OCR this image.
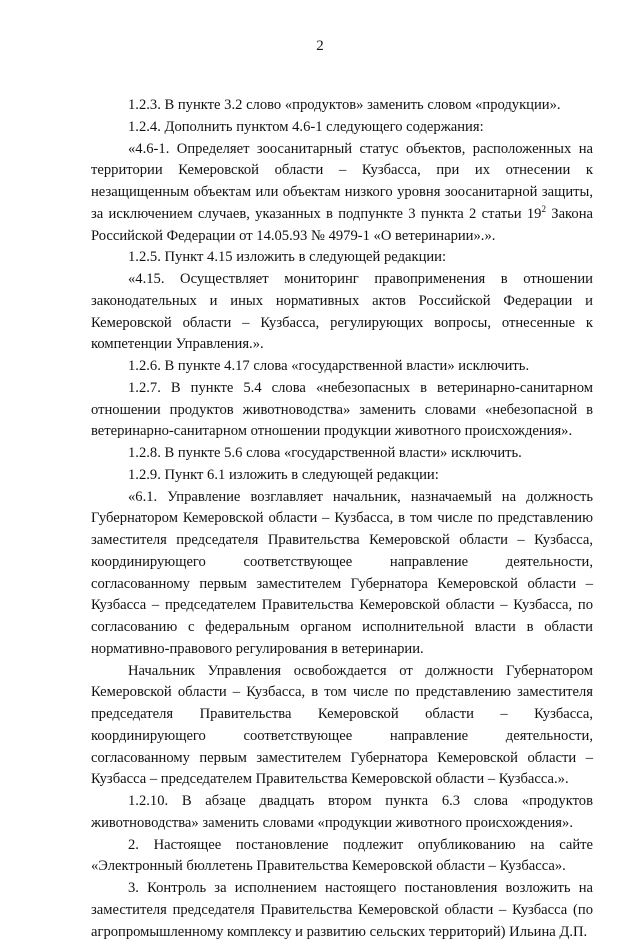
2

1.2.3. В пункте 3.2 слово «продуктов» заменить словом «продукции».

1.2.4. Дополнить пунктом 4.6-1 следующего содержания:

«4.6-1. Определяет зоосанитарный статус объектов, расположенных на территории Кемеровской области – Кузбасса, при их отнесении к незащищенным объектам или объектам низкого уровня зоосанитарной защиты, за исключением случаев, указанных в подпункте 3 пункта 2 статьи $19^2$ Закона Российской Федерации от 14.05.93 № 4979-1 «О ветеринарии».».

1.2.5. Пункт 4.15 изложить в следующей редакции:

«4.15. Осуществляет мониторинг правоприменения в отношении законодательных и иных нормативных актов Российской Федерации и Кемеровской области – Кузбасса, регулирующих вопросы, отнесенные к компетенции Управления.».

1.2.6. В пункте 4.17 слова «государственной власти» исключить.

1.2.7. В пункте 5.4 слова «небезопасных в ветеринарно-санитарном отношении продуктов животноводства» заменить словами «небезопасной в ветеринарно-санитарном отношении продукции животного происхождения».

1.2.8. В пункте 5.6 слова «государственной власти» исключить.

1.2.9. Пункт 6.1 изложить в следующей редакции:

«6.1. Управление возглавляет начальник, назначаемый на должность Губернатором Кемеровской области – Кузбасса, в том числе по представлению заместителя председателя Правительства Кемеровской области – Кузбасса, координирующего соответствующее направление деятельности, согласованному первым заместителем Губернатора Кемеровской области – Кузбасса – председателем Правительства Кемеровской области – Кузбасса, по согласованию с федеральным органом исполнительной власти в области нормативно-правового регулирования в ветеринарии.

Начальник Управления освобождается от должности Губернатором Кемеровской области – Кузбасса, в том числе по представлению заместителя председателя Правительства Кемеровской области – Кузбасса, координирующего соответствующее направление деятельности, согласованному первым заместителем Губернатора Кемеровской области – Кузбасса – председателем Правительства Кемеровской области – Кузбасса.».

1.2.10. В абзаце двадцать втором пункта 6.3 слова «продуктов животноводства» заменить словами «продукции животного происхождения».

2. Настоящее постановление подлежит опубликованию на сайте «Электронный бюллетень Правительства Кемеровской области – Кузбасса».

3. Контроль за исполнением настоящего постановления возложить на заместителя председателя Правительства Кемеровской области – Кузбасса (по агропромышленному комплексу и развитию сельских территорий) Ильина Д.П.
